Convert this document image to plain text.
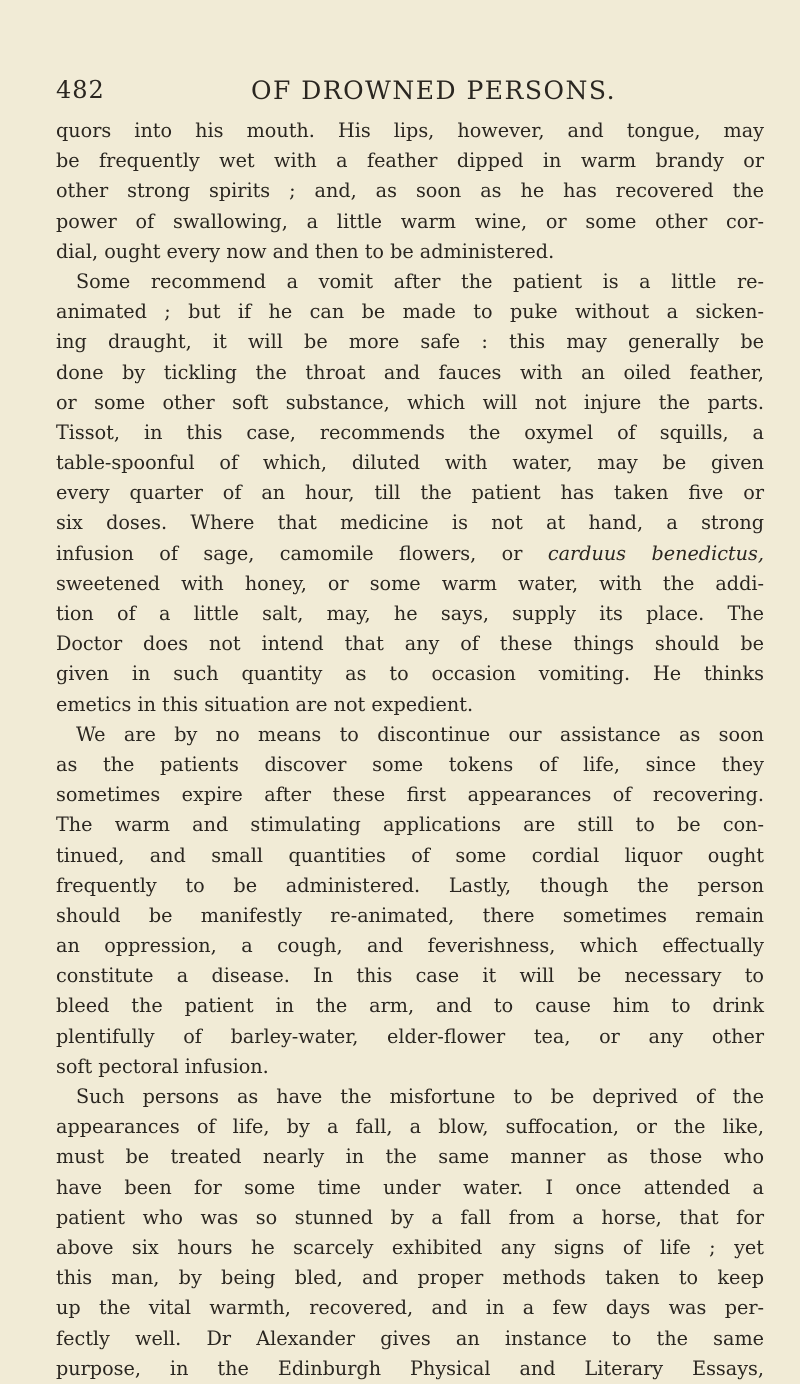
482	OF DROWNED PERSONS.
quors into his mouth. His lips, however, and tongue, may
be frequently wet with a feather dipped in warm brandy or
other strong spirits ; and, as soon as he has recovered the
power of swallowing, a little warm wine, or some other cor-
dial, ought every now and then to be administered.
Some recommend a vomit after the patient is a little re-
animated ; but if he can be made to puke without a sicken-
ing draught, it will be more safe : this may generally be
done by tickling the throat and fauces with an oiled feather,
or some other soft substance, which will not injure the parts.
Tissot, in this case, recommends the oxymel of squills, a
table-spoonful of which, diluted with water, may be given
every quarter of an hour, till the patient has taken five or
six doses. Where that medicine is not at hand, a strong
infusion of sage, camomile flowers, or carduus benedictus,
sweetened with honey, or some warm water, with the addi-
tion of a little salt, may, he says, supply its place. The
Doctor does not intend that any of these things should be
given in such quantity as to occasion vomiting. He thinks
emetics in this situation are not expedient.
We are by no means to discontinue our assistance as soon
as the patients discover some tokens of life, since they
sometimes expire after these first appearances of recovering.
The warm and stimulating applications are still to be con-
tinued, and small quantities of some cordial liquor ought
frequently to be administered. Lastly, though the person
should be manifestly re-animated, there sometimes remain
an oppression, a cough, and feverishness, which effectually
constitute a disease. In this case it will be necessary to
bleed the patient in the arm, and to cause him to drink
plentifully of barley-water, elder-flower tea, or any other
soft pectoral infusion.
Such persons as have the misfortune to be deprived of the
appearances of life, by a fall, a blow, suffocation, or the like,
must be treated nearly in the same manner as those who
have been for some time under water. I once attended a
patient who was so stunned by a fall from a horse, that for
above six hours he scarcely exhibited any signs of life ; yet
this man, by being bled, and proper methods taken to keep
up the vital warmth, recovered, and in a few days was per-
fectly well. Dr Alexander gives an instance to the same
purpose, in the Edinburgh Physical and Literary Essays,
